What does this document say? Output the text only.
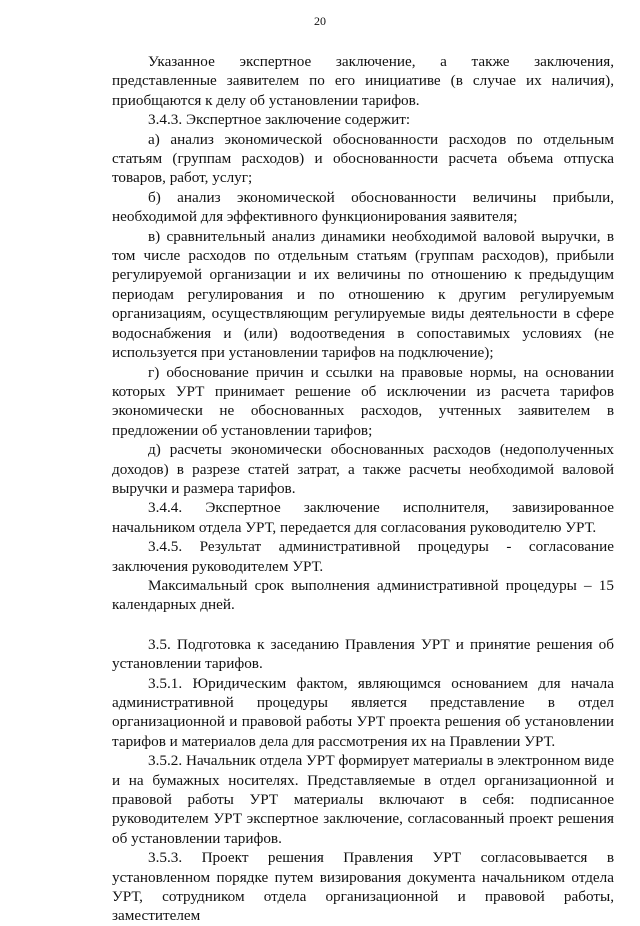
20

Указанное экспертное заключение, а также заключения, представленные заявителем по его инициативе (в случае их наличия), приобщаются к делу об установлении тарифов.

3.4.3. Экспертное заключение содержит:

а) анализ экономической обоснованности расходов по отдельным статьям (группам расходов) и обоснованности расчета объема отпуска товаров, работ, услуг;

б) анализ экономической обоснованности величины прибыли, необходимой для эффективного функционирования заявителя;

в) сравнительный анализ динамики необходимой валовой выручки, в том числе расходов по отдельным статьям (группам расходов), прибыли регулируемой организации и их величины по отношению к предыдущим периодам регулирования и по отношению к другим регулируемым организациям, осуществляющим регулируемые виды деятельности в сфере водоснабжения и (или) водоотведения в сопоставимых условиях (не используется при установлении тарифов на подключение);

г) обоснование причин и ссылки на правовые нормы, на основании которых УРТ принимает решение об исключении из расчета тарифов экономически не обоснованных расходов, учтенных заявителем в предложении об установлении тарифов;

д) расчеты экономически обоснованных расходов (недополученных доходов) в разрезе статей затрат, а также расчеты необходимой валовой выручки и размера тарифов.

3.4.4. Экспертное заключение исполнителя, завизированное начальником отдела УРТ, передается для согласования руководителю УРТ.

3.4.5. Результат административной процедуры - согласование заключения руководителем УРТ.

Максимальный срок выполнения административной процедуры – 15 календарных дней.

3.5. Подготовка к заседанию Правления УРТ и принятие решения об установлении тарифов.

3.5.1. Юридическим фактом, являющимся основанием для начала административной процедуры является представление в отдел организационной и правовой работы УРТ проекта решения об установлении тарифов и материалов дела для рассмотрения их на Правлении УРТ.

3.5.2. Начальник отдела УРТ формирует материалы в электронном виде и на бумажных носителях. Представляемые в отдел организационной и правовой работы УРТ материалы включают в себя: подписанное руководителем УРТ экспертное заключение, согласованный проект решения об установлении тарифов.

3.5.3. Проект решения Правления УРТ согласовывается в установленном порядке путем визирования документа начальником отдела УРТ, сотрудником отдела организационной и правовой работы, заместителем
